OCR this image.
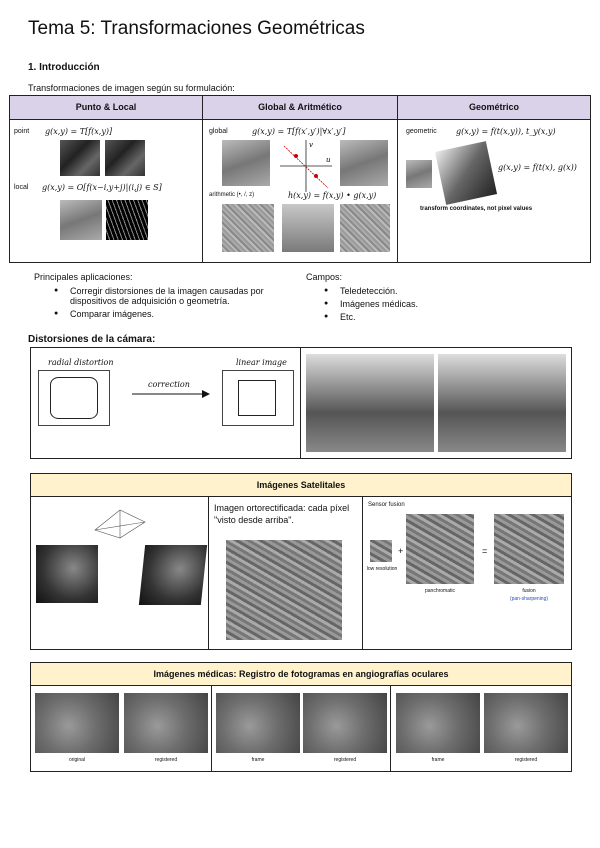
Tema 5: Transformaciones Geométricas
1. Introducción
Transformaciones de imagen según su formulación:
Punto & Local	Global & Aritmético	Geométrico
point g(x,y) = T[f(x,y)]
local g(x,y) = O[f(x−i,y+j)|(i,j) ∈ S]
global	g(x,y) = T[f(x′,y′)|∀x′,y′]
v
u
arithmetic (•, /, z)	h(x,y) = f(x,y) • g(x,y)
geometric g(x,y) = f(t(x,y)), t_y(x,y)
g(x,y) = f(t(x), g(x))
transform coordinates, not pixel values
Principales aplicaciones:
● Corregir distorsiones de la imagen causadas por dispositivos de adquisición o geometría.
● Comparar imágenes.
Campos:
● Teledetección.
● Imágenes médicas.
● Etc.
Distorsiones de la cámara:
radial distortion
correction
linear image
Imágenes Satelitales
Imagen ortorectificada: cada píxel "visto desde arriba".
Sensor fusion
low resolution
+
panchromatic
=
fusion
(pan-sharpening)
Imágenes médicas: Registro de fotogramas en angiografías oculares
original	registered	frame	registered	frame	registered
